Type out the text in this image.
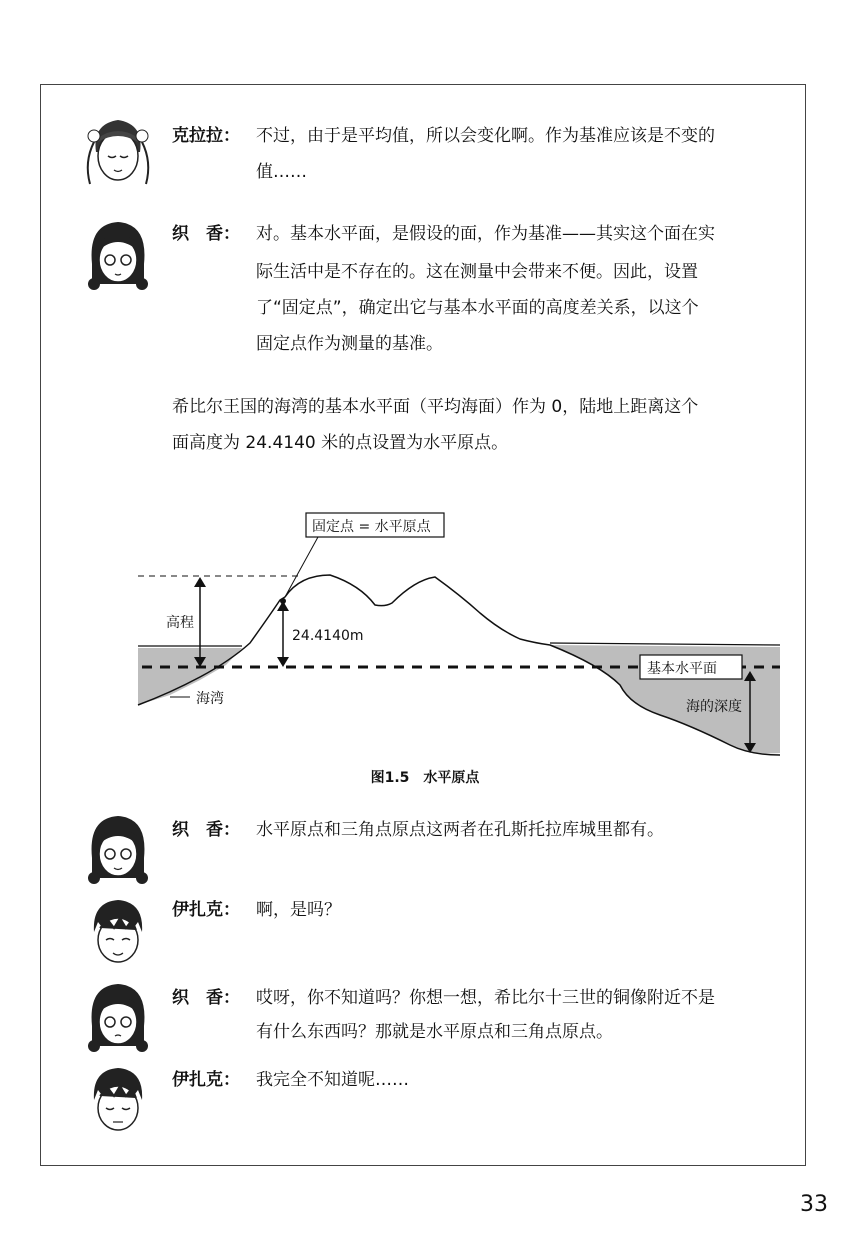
克拉拉： 不过，由于是平均值，所以会变化啊。作为基准应该是不变的
值……
织　香： 对。基本水平面，是假设的面，作为基准——其实这个面在实
际生活中是不存在的。这在测量中会带来不便。因此，设置
了“固定点”，确定出它与基本水平面的高度差关系，以这个
固定点作为测量的基准。
希比尔王国的海湾的基本水平面（平均海面）作为 0，陆地上距离这个
面高度为 24.4140 米的点设置为水平原点。
高程
24.4140m
固定点 = 水平原点
基本水平面
海湾	海的深度
图1.5　水平原点
织　香： 水平原点和三角点原点这两者在孔斯托拉库城里都有。
伊扎克： 啊，是吗？
织　香： 哎呀，你不知道吗？你想一想，希比尔十三世的铜像附近不是
有什么东西吗？那就是水平原点和三角点原点。
伊扎克： 我完全不知道呢……
33
